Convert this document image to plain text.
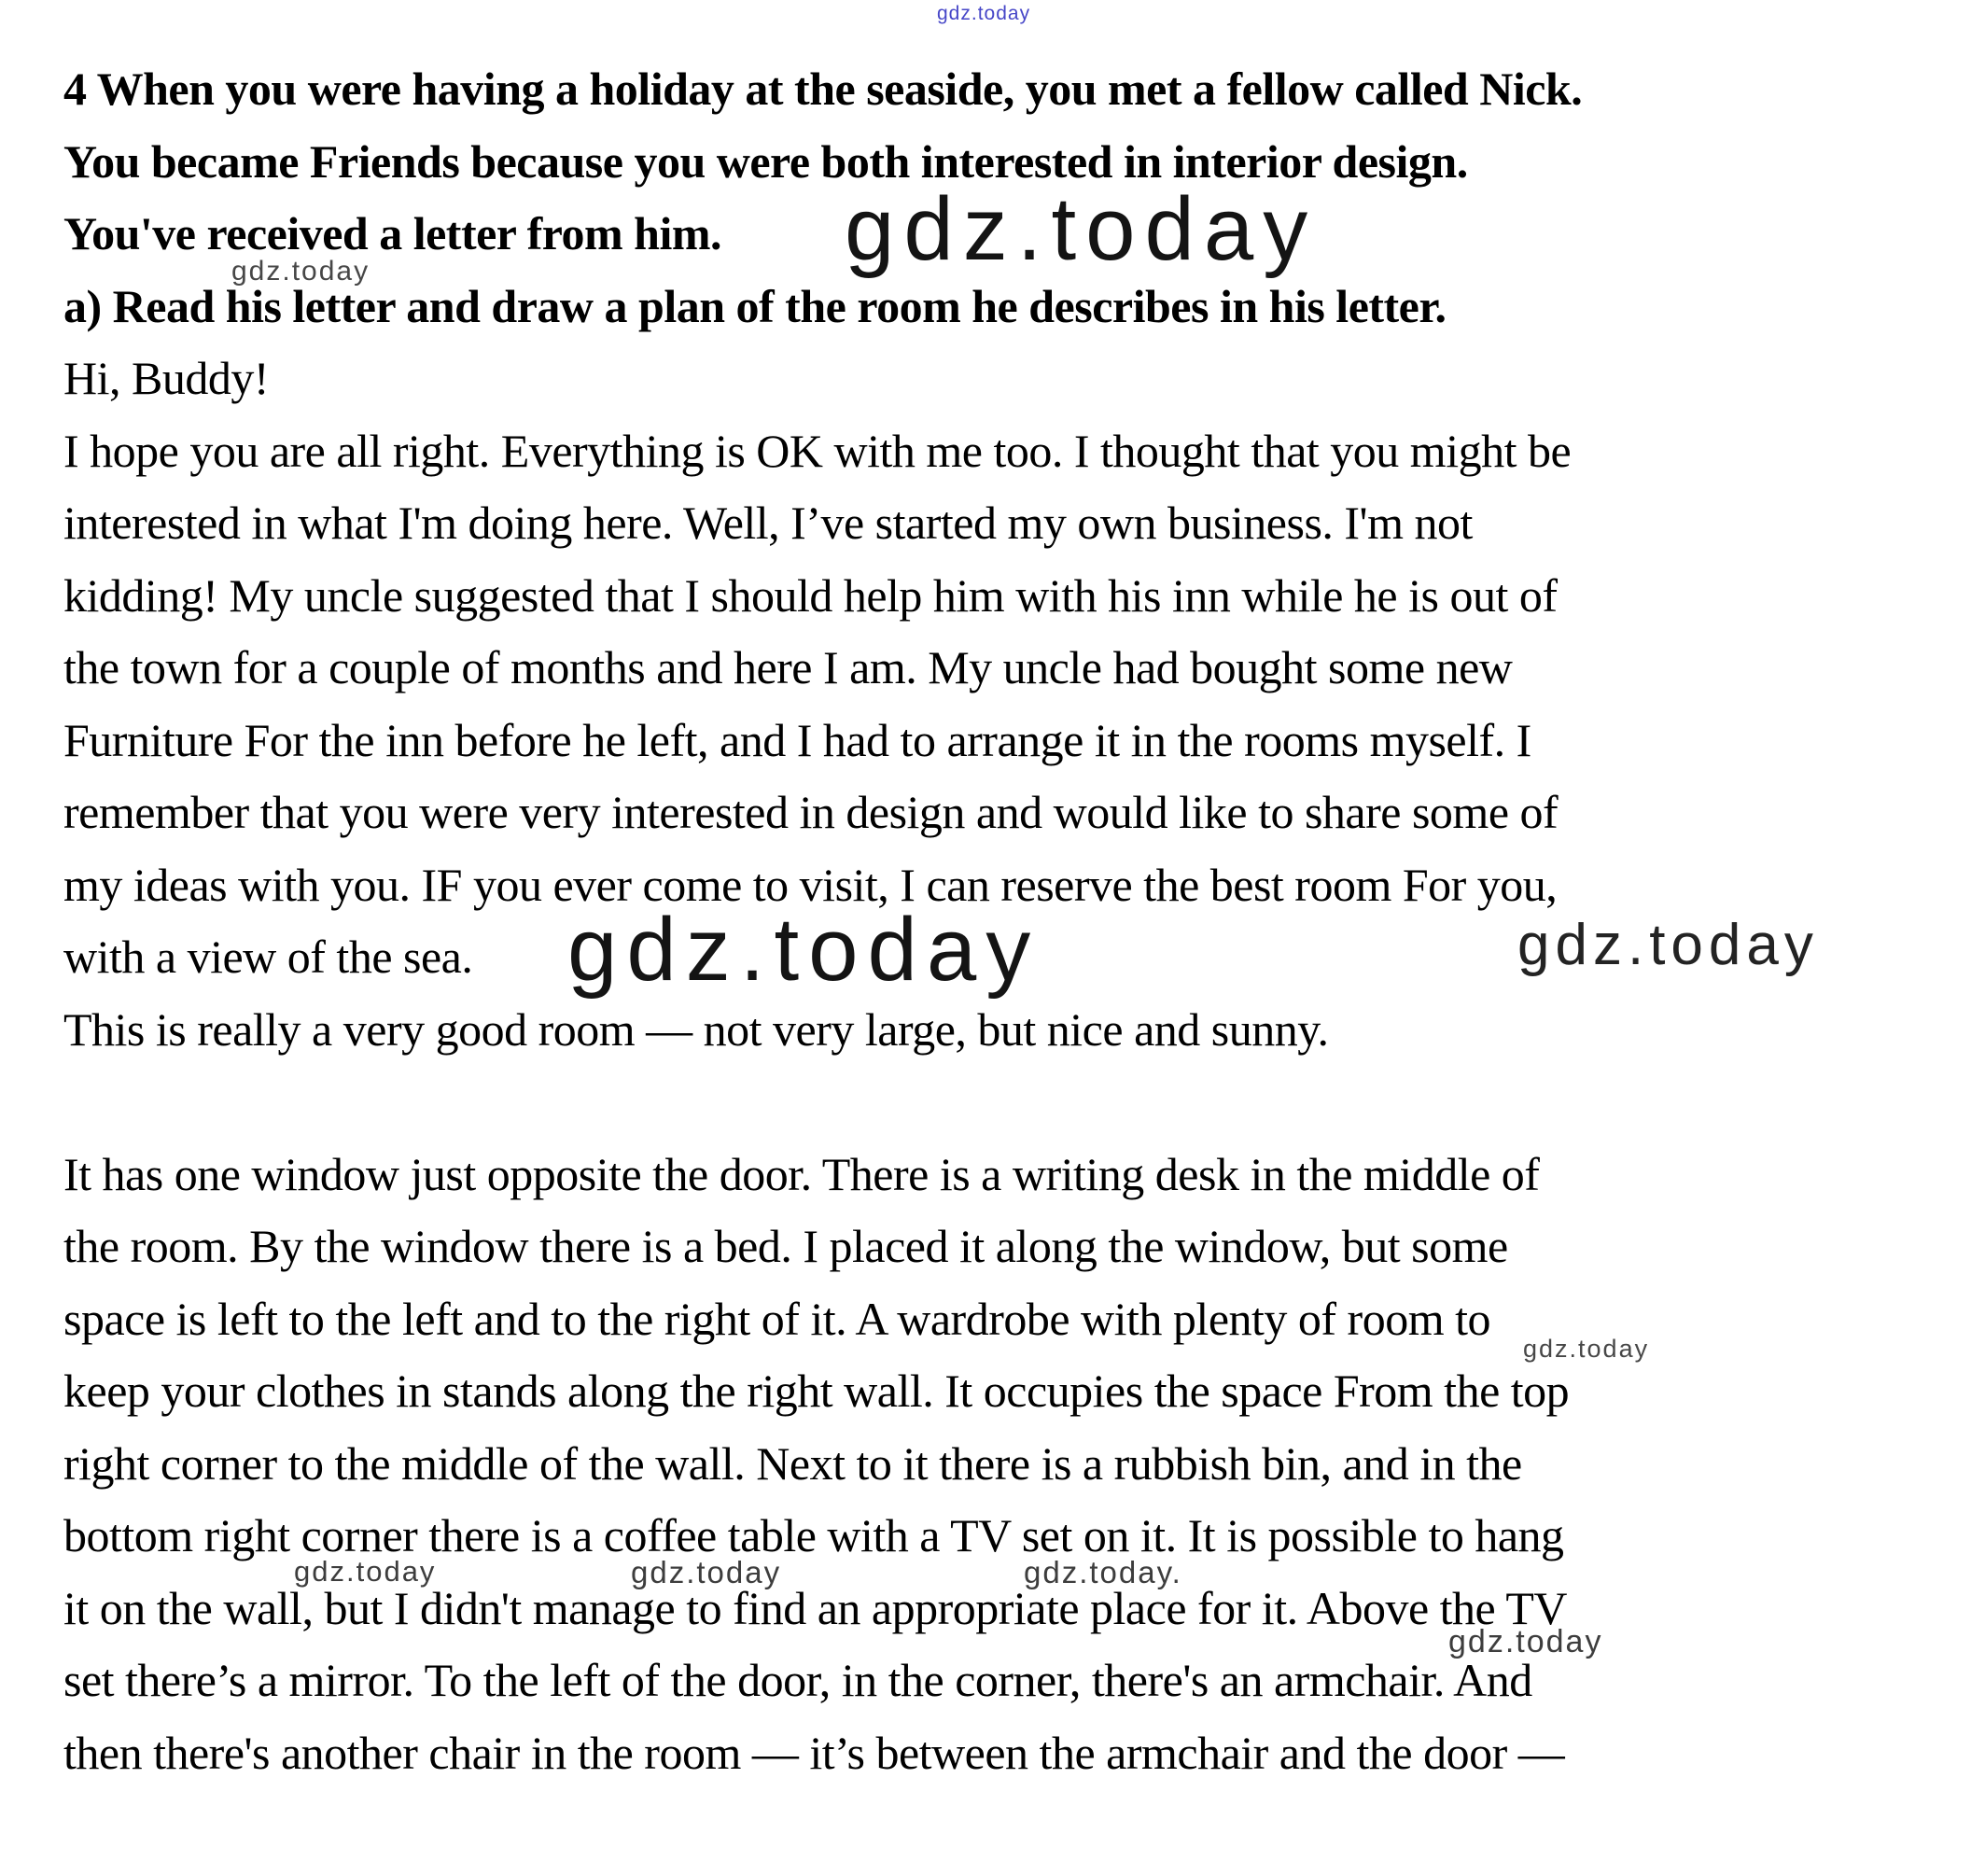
4 When you were having a holiday at the seaside, you met a fellow called Nick.
You became Friends because you were both interested in interior design.
You've received a letter from him.
a) Read his letter and draw a plan of the room he describes in his letter.
Hi, Buddy!
I hope you are all right. Everything is OK with me too. I thought that you might be
interested in what I'm doing here. Well, I’ve started my own business. I'm not
kidding! My uncle suggested that I should help him with his inn while he is out of
the town for a couple of months and here I am. My uncle had bought some new
Furniture For the inn before he left, and I had to arrange it in the rooms myself. I
remember that you were very interested in design and would like to share some of
my ideas with you. IF you ever come to visit, I can reserve the best room For you,
with a view of the sea.
This is really a very good room — not very large, but nice and sunny.
It has one window just opposite the door. There is a writing desk in the middle of
the room. By the window there is a bed. I placed it along the window, but some
space is left to the left and to the right of it. A wardrobe with plenty of room to
keep your clothes in stands along the right wall. It occupies the space From the top
right corner to the middle of the wall. Next to it there is a rubbish bin, and in the
bottom right corner there is a coffee table with a TV set on it. It is possible to hang
it on the wall, but I didn't manage to find an appropriate place for it. Above the TV
set there’s a mirror. To the left of the door, in the corner, there's an armchair. And
then there's another chair in the room — it’s between the armchair and the door —
gdz.today
gdz.today
gdz.today
gdz.today	gdz.today
gdz.today
gdz.today	gdz.today	gdz.today.
gdz.today
